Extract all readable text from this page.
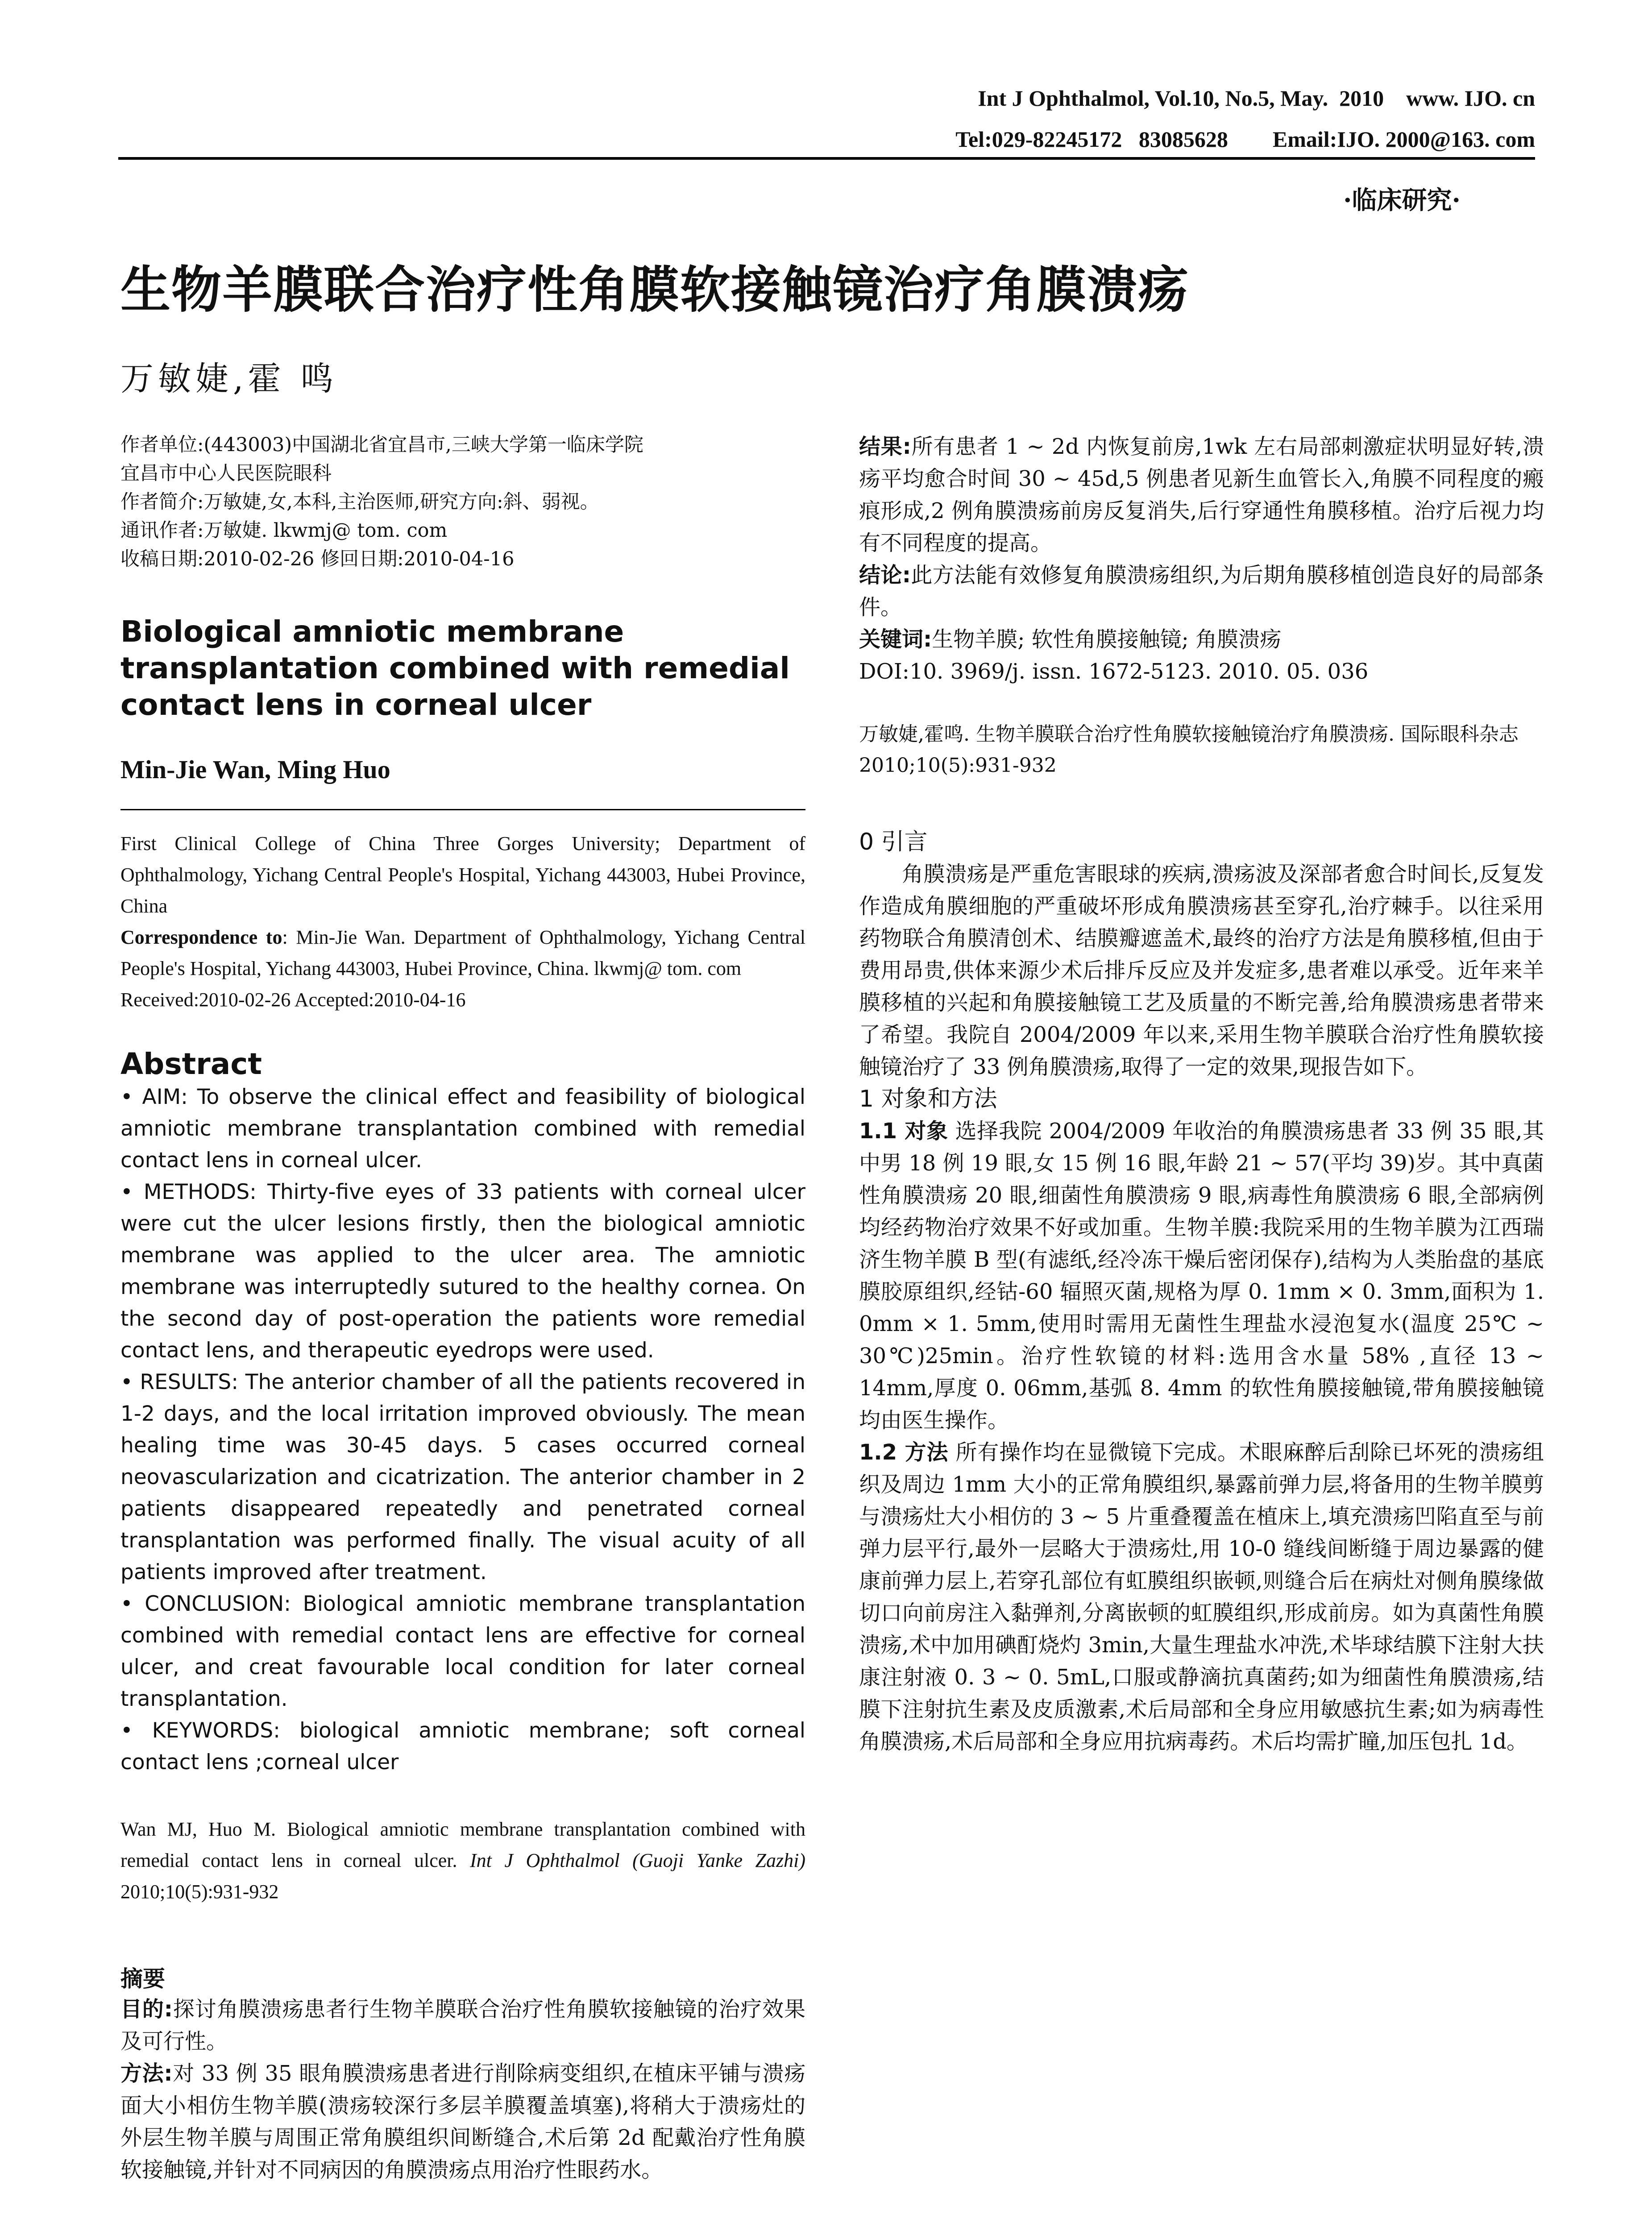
Int J Ophthalmol, Vol.10, No.5, May.  2010    www. IJO. cn
Tel:029-82245172   83085628        Email:IJO. 2000@163. com
·临床研究·
生物羊膜联合治疗性角膜软接触镜治疗角膜溃疡
万敏婕,霍 鸣

作者单位:(443003)中国湖北省宜昌市,三峡大学第一临床学院

宜昌市中心人民医院眼科

作者简介:万敏婕,女,本科,主治医师,研究方向:斜、弱视。

通讯作者:万敏婕. lkwmj@ tom. com

收稿日期:2010-02-26 修回日期:2010-04-16

Biological amniotic membrane transplantation combined with remedial contact lens in corneal ulcer
Min-Jie Wan, Ming Huo

First Clinical College of China Three Gorges University; Department of Ophthalmology, Yichang Central People's Hospital, Yichang 443003, Hubei Province, China

Correspondence to: Min-Jie Wan. Department of Ophthalmology, Yichang Central People's Hospital, Yichang 443003, Hubei Province, China. lkwmj@ tom. com

Received:2010-02-26 Accepted:2010-04-16

Abstract

• AIM: To observe the clinical effect and feasibility of biological amniotic membrane transplantation combined with remedial contact lens in corneal ulcer.

• METHODS: Thirty-five eyes of 33 patients with corneal ulcer were cut the ulcer lesions firstly, then the biological amniotic membrane was applied to the ulcer area. The amniotic membrane was interruptedly sutured to the healthy cornea. On the second day of post-operation the patients wore remedial contact lens, and therapeutic eyedrops were used.

• RESULTS: The anterior chamber of all the patients recovered in 1-2 days, and the local irritation improved obviously. The mean healing time was 30-45 days. 5 cases occurred corneal neovascularization and cicatrization. The anterior chamber in 2 patients disappeared repeatedly and penetrated corneal transplantation was performed finally. The visual acuity of all patients improved after treatment.

• CONCLUSION: Biological amniotic membrane transplantation combined with remedial contact lens are effective for corneal ulcer, and creat favourable local condition for later corneal transplantation.

• KEYWORDS: biological amniotic membrane; soft corneal contact lens ;corneal ulcer

Wan MJ, Huo M. Biological amniotic membrane transplantation combined with remedial contact lens in corneal ulcer. Int J Ophthalmol (Guoji Yanke Zazhi) 2010;10(5):931-932

摘要

目的:探讨角膜溃疡患者行生物羊膜联合治疗性角膜软接触镜的治疗效果及可行性。

方法:对 33 例 35 眼角膜溃疡患者进行削除病变组织,在植床平铺与溃疡面大小相仿生物羊膜(溃疡较深行多层羊膜覆盖填塞),将稍大于溃疡灶的外层生物羊膜与周围正常角膜组织间断缝合,术后第 2d 配戴治疗性角膜软接触镜,并针对不同病因的角膜溃疡点用治疗性眼药水。

结果:所有患者 1 ~ 2d 内恢复前房,1wk 左右局部刺激症状明显好转,溃疡平均愈合时间 30 ~ 45d,5 例患者见新生血管长入,角膜不同程度的瘢痕形成,2 例角膜溃疡前房反复消失,后行穿通性角膜移植。治疗后视力均有不同程度的提高。

结论:此方法能有效修复角膜溃疡组织,为后期角膜移植创造良好的局部条件。

关键词:生物羊膜; 软性角膜接触镜; 角膜溃疡

DOI:10. 3969/j. issn. 1672-5123. 2010. 05. 036

万敏婕,霍鸣. 生物羊膜联合治疗性角膜软接触镜治疗角膜溃疡. 国际眼科杂志 2010;10(5):931-932

0 引言

角膜溃疡是严重危害眼球的疾病,溃疡波及深部者愈合时间长,反复发作造成角膜细胞的严重破坏形成角膜溃疡甚至穿孔,治疗棘手。以往采用药物联合角膜清创术、结膜瓣遮盖术,最终的治疗方法是角膜移植,但由于费用昂贵,供体来源少术后排斥反应及并发症多,患者难以承受。近年来羊膜移植的兴起和角膜接触镜工艺及质量的不断完善,给角膜溃疡患者带来了希望。我院自 2004/2009 年以来,采用生物羊膜联合治疗性角膜软接触镜治疗了 33 例角膜溃疡,取得了一定的效果,现报告如下。

1 对象和方法

1.1 对象 选择我院 2004/2009 年收治的角膜溃疡患者 33 例 35 眼,其中男 18 例 19 眼,女 15 例 16 眼,年龄 21 ~ 57(平均 39)岁。其中真菌性角膜溃疡 20 眼,细菌性角膜溃疡 9 眼,病毒性角膜溃疡 6 眼,全部病例均经药物治疗效果不好或加重。生物羊膜:我院采用的生物羊膜为江西瑞济生物羊膜 B 型(有滤纸,经冷冻干燥后密闭保存),结构为人类胎盘的基底膜胶原组织,经钴-60 辐照灭菌,规格为厚 0. 1mm × 0. 3mm,面积为 1. 0mm × 1. 5mm,使用时需用无菌性生理盐水浸泡复水(温度 25℃ ~ 30℃)25min。治疗性软镜的材料:选用含水量 58% ,直径 13 ~ 14mm,厚度 0. 06mm,基弧 8. 4mm 的软性角膜接触镜,带角膜接触镜均由医生操作。

1.2 方法 所有操作均在显微镜下完成。术眼麻醉后刮除已坏死的溃疡组织及周边 1mm 大小的正常角膜组织,暴露前弹力层,将备用的生物羊膜剪与溃疡灶大小相仿的 3 ~ 5 片重叠覆盖在植床上,填充溃疡凹陷直至与前弹力层平行,最外一层略大于溃疡灶,用 10-0 缝线间断缝于周边暴露的健康前弹力层上,若穿孔部位有虹膜组织嵌顿,则缝合后在病灶对侧角膜缘做切口向前房注入黏弹剂,分离嵌顿的虹膜组织,形成前房。如为真菌性角膜溃疡,术中加用碘酊烧灼 3min,大量生理盐水冲洗,术毕球结膜下注射大扶康注射液 0. 3 ~ 0. 5mL,口服或静滴抗真菌药;如为细菌性角膜溃疡,结膜下注射抗生素及皮质激素,术后局部和全身应用敏感抗生素;如为病毒性角膜溃疡,术后局部和全身应用抗病毒药。术后均需扩瞳,加压包扎 1d。
